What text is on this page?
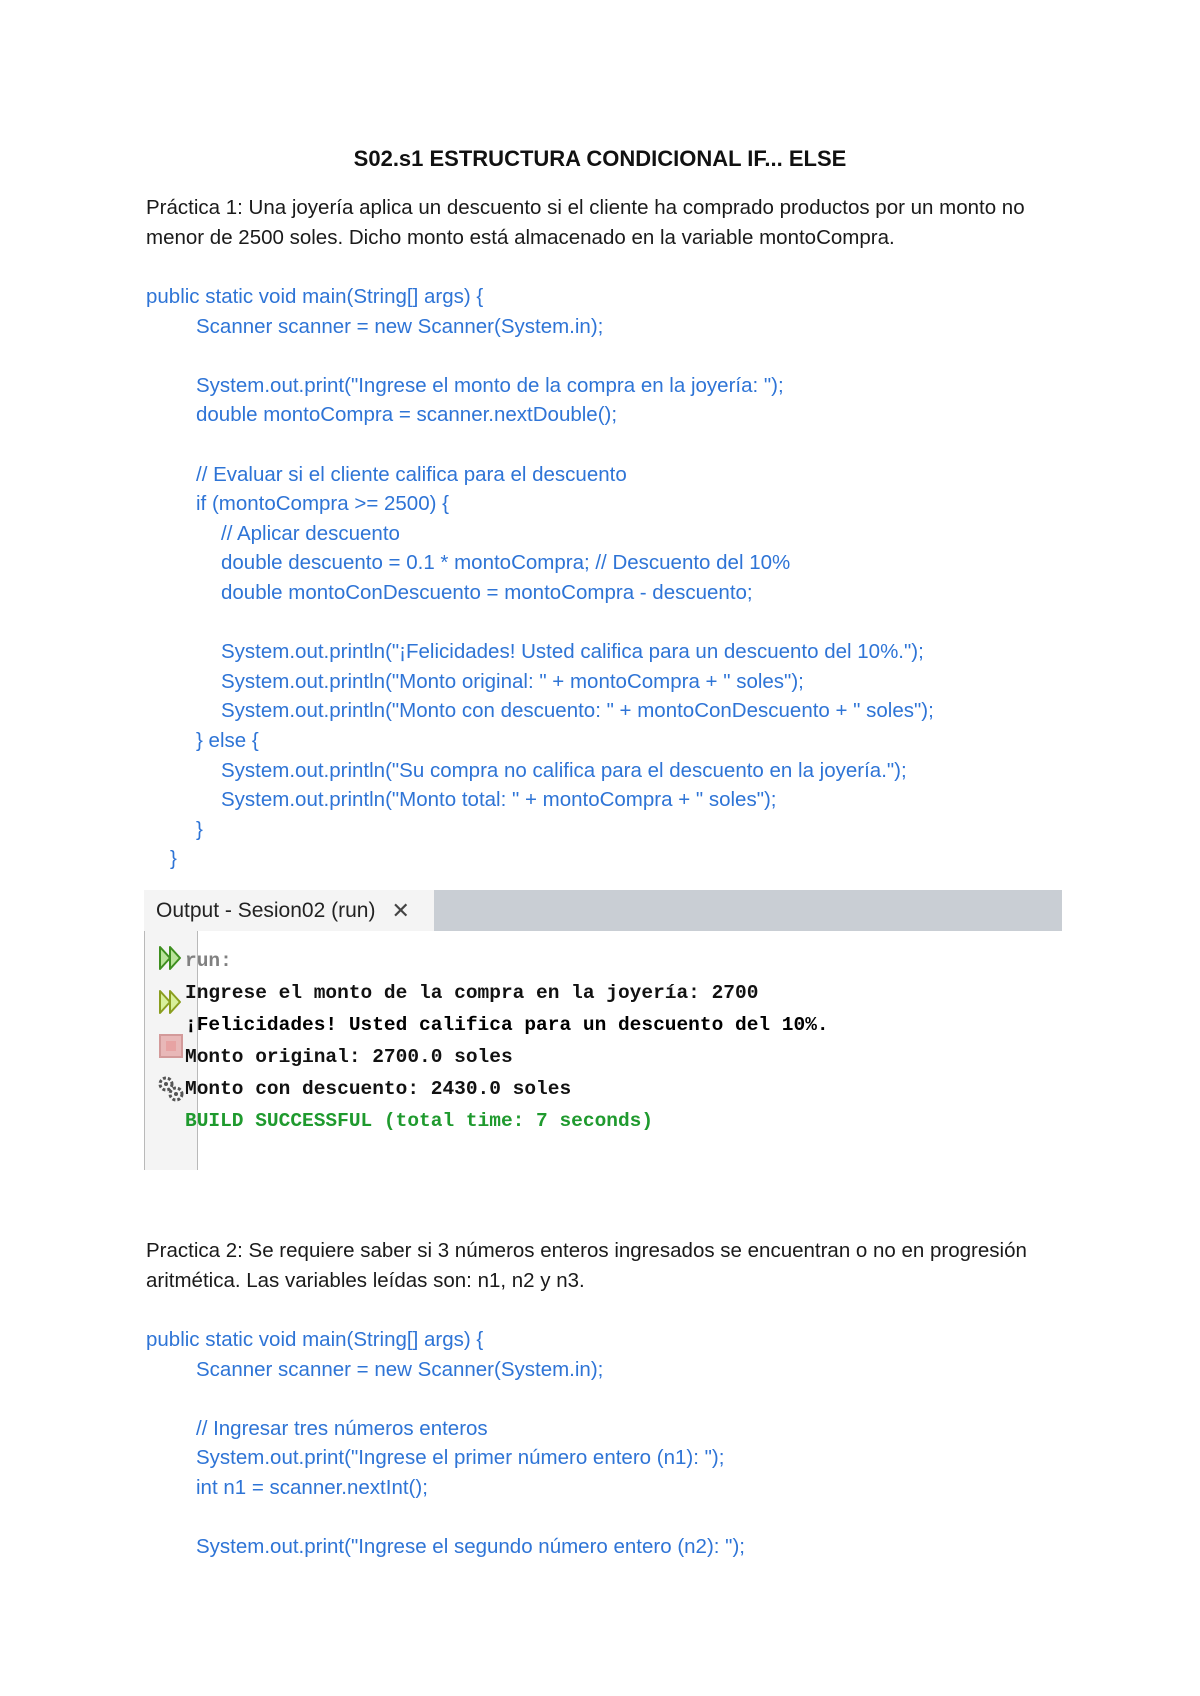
S02.s1 ESTRUCTURA CONDICIONAL IF... ELSE

Práctica 1: Una joyería aplica un descuento si el cliente ha comprado productos por un monto no menor de 2500 soles. Dicho monto está almacenado en la variable montoCompra.

public static void main(String[] args) {
Scanner scanner = new Scanner(System.in);
System.out.print("Ingrese el monto de la compra en la joyería: ");
double montoCompra = scanner.nextDouble();
// Evaluar si el cliente califica para el descuento
if (montoCompra >= 2500) {
// Aplicar descuento
double descuento = 0.1 * montoCompra; // Descuento del 10%
double montoConDescuento = montoCompra - descuento;
System.out.println("¡Felicidades! Usted califica para un descuento del 10%.");
System.out.println("Monto original: " + montoCompra + " soles");
System.out.println("Monto con descuento: " + montoConDescuento + " soles");
} else {
System.out.println("Su compra no califica para el descuento en la joyería.");
System.out.println("Monto total: " + montoCompra + " soles");
}
}
Output - Sesion02 (run) ✕
run:
Ingrese el monto de la compra en la joyería: 2700
¡Felicidades! Usted califica para un descuento del 10%.
Monto original: 2700.0 soles
Monto con descuento: 2430.0 soles
BUILD SUCCESSFUL (total time: 7 seconds)

Practica 2: Se requiere saber si 3 números enteros ingresados se encuentran o no en progresión aritmética. Las variables leídas son: n1, n2 y n3.

public static void main(String[] args) {
Scanner scanner = new Scanner(System.in);
// Ingresar tres números enteros
System.out.print("Ingrese el primer número entero (n1): ");
int n1 = scanner.nextInt();
System.out.print("Ingrese el segundo número entero (n2): ");
